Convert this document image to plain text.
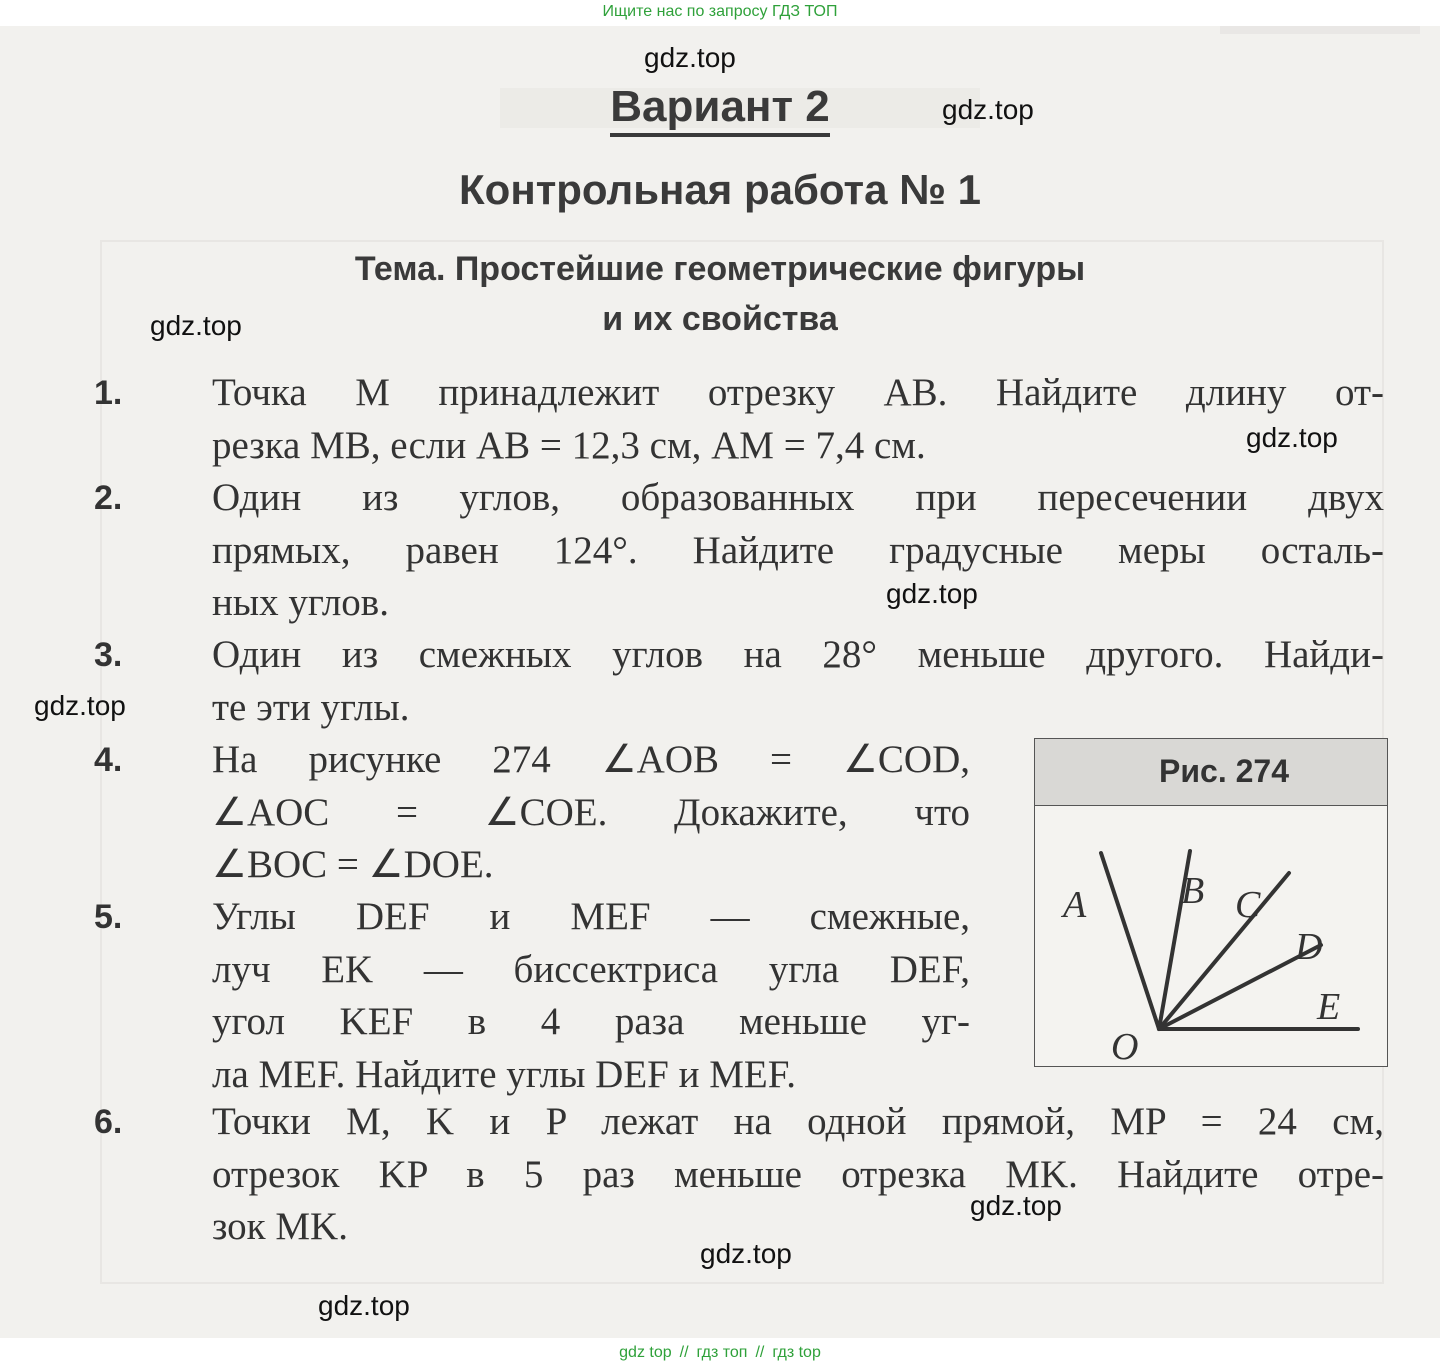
Ищите нас по запросу ГДЗ ТОП
Вариант 2
Контрольная работа № 1
Тема. Простейшие геометрические фигуры
и их свойства
1. Точка M принадлежит отрезку AB. Найдите длину от-
резка MB, если AB = 12,3 см, AM = 7,4 см.
2. Один из углов, образованных при пересечении двух
прямых, равен 124°. Найдите градусные меры осталь-
ных углов.
3. Один из смежных углов на 28° меньше другого. Найди-
те эти углы.
4. На рисунке 274 ∠AOB = ∠COD,
∠AOC = ∠COE. Докажите, что
∠BOC = ∠DOE.
5. Углы DEF и MEF — смежные,
луч EK — биссектриса угла DEF,
угол KEF в 4 раза меньше уг-
ла MEF. Найдите углы DEF и MEF.
6. Точки M, K и P лежат на одной прямой, MP = 24 см,
отрезок KP в 5 раз меньше отрезка MK. Найдите отре-
зок MK.
Рис. 274
A B C
D
E
O
gdz.top
gdz.top
gdz.top
gdz.top
gdz.top
gdz.top
gdz.top
gdz.top
gdz.top
gdz top // гдз топ // гдз top
